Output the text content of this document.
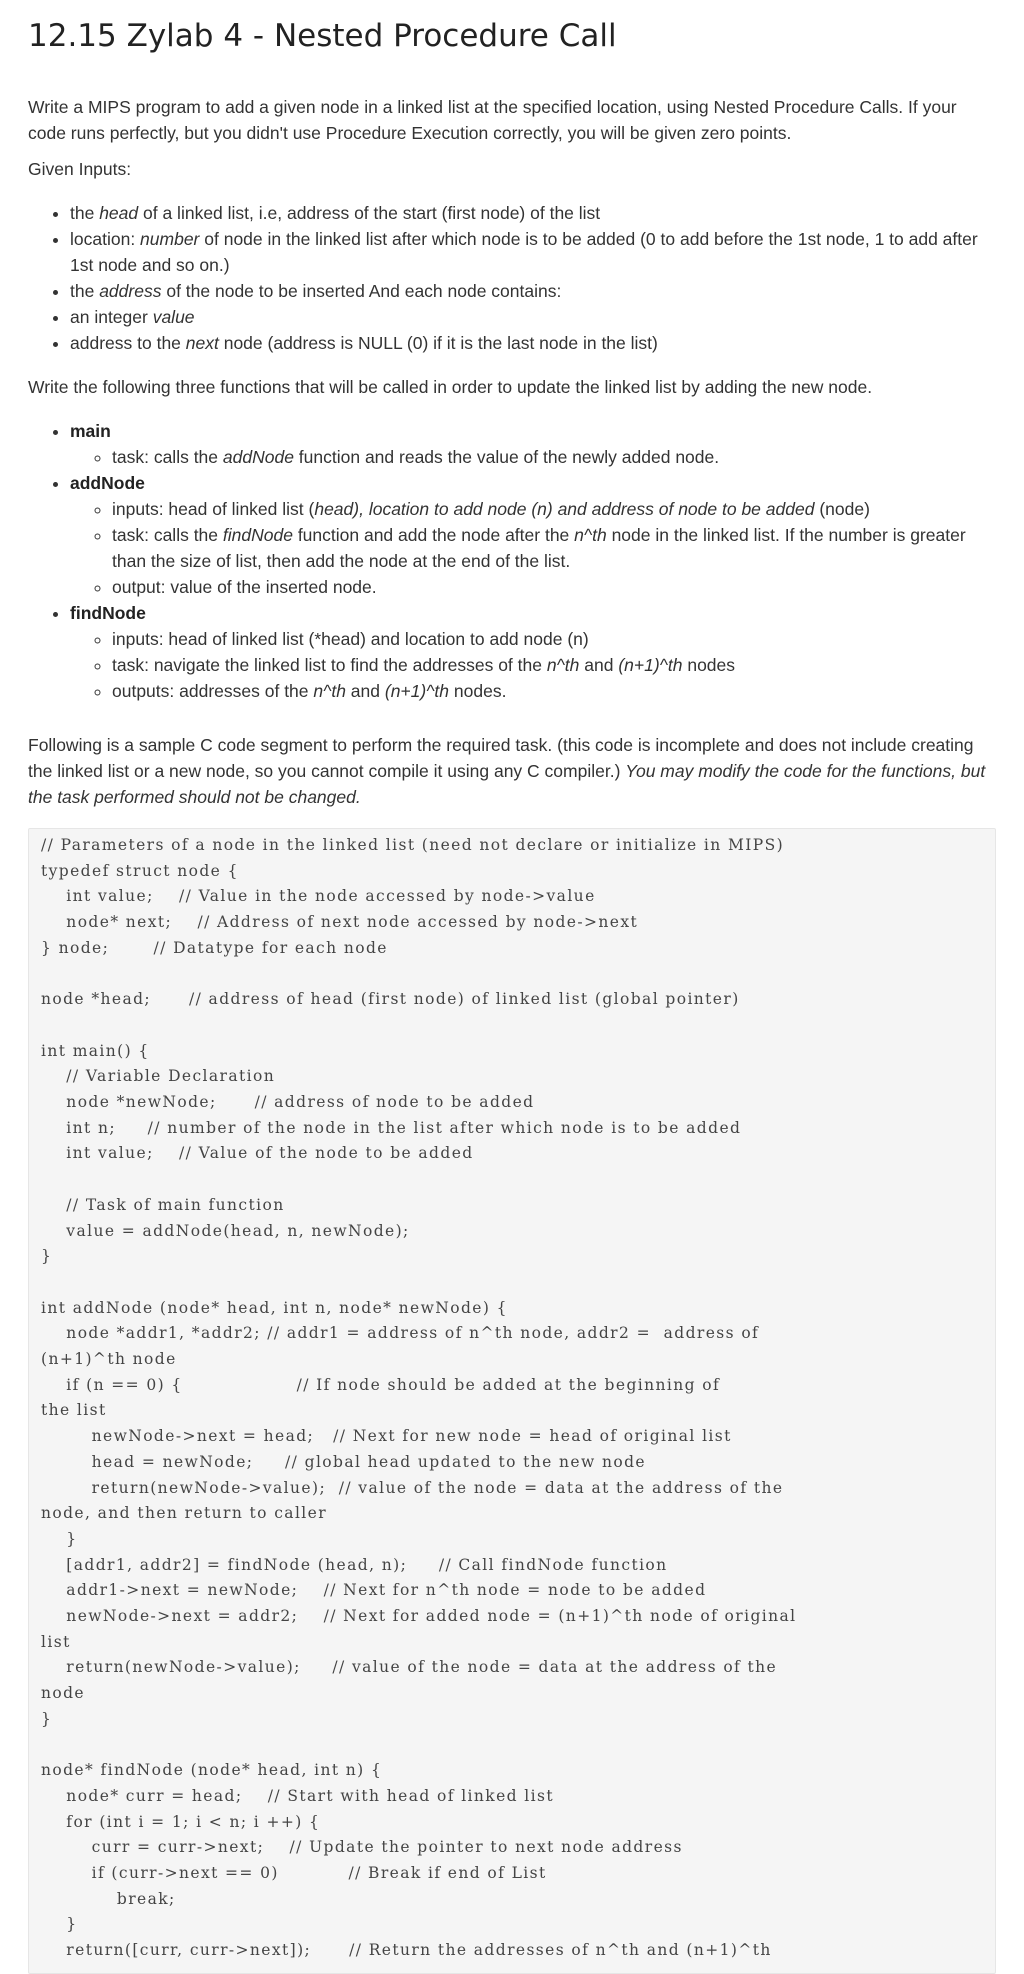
12.15 Zylab 4 - Nested Procedure Call

Write a MIPS program to add a given node in a linked list at the specified location, using Nested Procedure Calls. If your code runs perfectly, but you didn't use Procedure Execution correctly, you will be given zero points.

Given Inputs:

• the head of a linked list, i.e, address of the start (first node) of the list
• location: number of node in the linked list after which node is to be added (0 to add before the 1st node, 1 to add after 1st node and so on.)
• the address of the node to be inserted And each node contains:
• an integer value
• address to the next node (address is NULL (0) if it is the last node in the list)

Write the following three functions that will be called in order to update the linked list by adding the new node.

• main
◦ task: calls the addNode function and reads the value of the newly added node.
• addNode
◦ inputs: head of linked list (head), location to add node (n) and address of node to be added (node)
◦ task: calls the findNode function and add the node after the n^th node in the linked list. If the number is greater than the size of list, then add the node at the end of the list.
◦ output: value of the inserted node.
• findNode
◦ inputs: head of linked list (*head) and location to add node (n)
◦ task: navigate the linked list to find the addresses of the n^th and (n+1)^th nodes
◦ outputs: addresses of the n^th and (n+1)^th nodes.

Following is a sample C code segment to perform the required task. (this code is incomplete and does not include creating the linked list or a new node, so you cannot compile it using any C compiler.) You may modify the code for the functions, but the task performed should not be changed.

// Parameters of a node in the linked list (need not declare or initialize in MIPS)
typedef struct node {
int value;    // Value in the node accessed by node->value
node* next;    // Address of next node accessed by node->next
} node;       // Datatype for each node
node *head;      // address of head (first node) of linked list (global pointer)
int main() {
// Variable Declaration
node *newNode;      // address of node to be added
int n;     // number of the node in the list after which node is to be added
int value;    // Value of the node to be added
// Task of main function
value = addNode(head, n, newNode);
}
int addNode (node* head, int n, node* newNode) {
node *addr1, *addr2; // addr1 = address of n^th node, addr2 =  address of
(n+1)^th node
if (n == 0) {                  // If node should be added at the beginning of
the list
newNode->next = head;   // Next for new node = head of original list
head = newNode;     // global head updated to the new node
return(newNode->value);  // value of the node = data at the address of the
node, and then return to caller
}
[addr1, addr2] = findNode (head, n);     // Call findNode function
addr1->next = newNode;    // Next for n^th node = node to be added
newNode->next = addr2;    // Next for added node = (n+1)^th node of original
list
return(newNode->value);     // value of the node = data at the address of the
node
}
node* findNode (node* head, int n) {
node* curr = head;    // Start with head of linked list
for (int i = 1; i < n; i ++) {
curr = curr->next;    // Update the pointer to next node address
if (curr->next == 0)           // Break if end of List
break;
}
return([curr, curr->next]);      // Return the addresses of n^th and (n+1)^th
